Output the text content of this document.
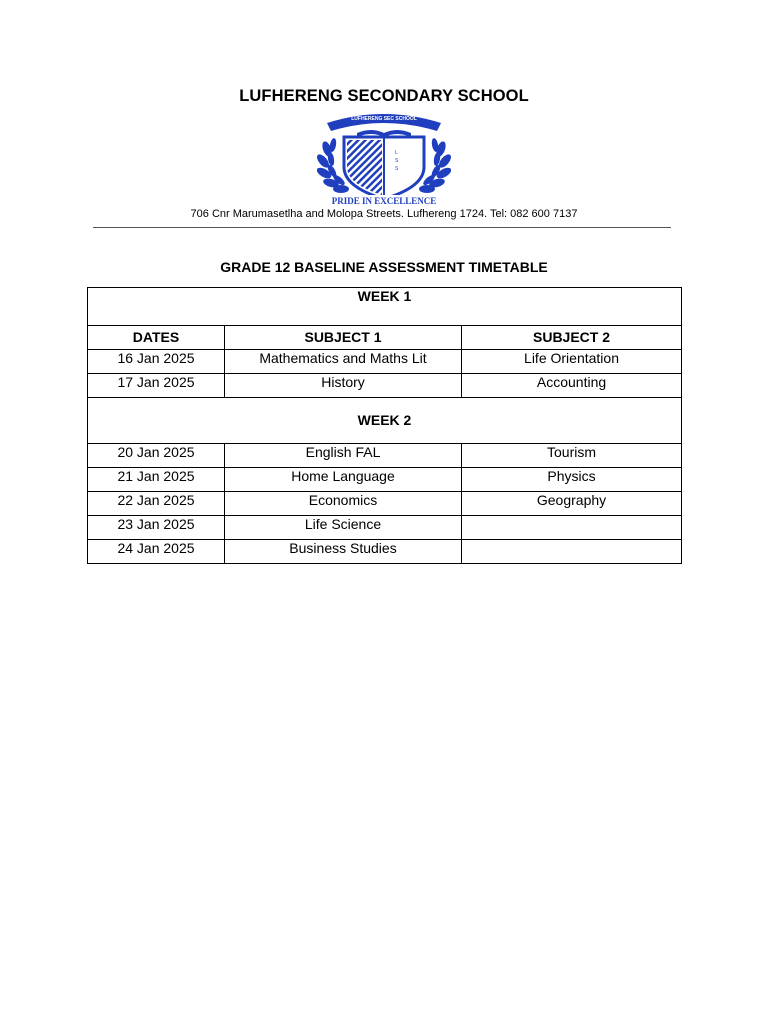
LUFHERENG SECONDARY SCHOOL
L
S
S
PRIDE IN EXCELLENCE
LUFHERENG SEC SCHOOL
706 Cnr Marumasetlha and Molopa Streets. Lufhereng 1724. Tel: 082 600 7137
GRADE 12 BASELINE ASSESSMENT TIMETABLE
WEEK 1		

DATES	SUBJECT 1	SUBJECT 2
16 Jan 2025	Mathematics and Maths Lit	Life Orientation
17 Jan 2025	History	Accounting
WEEK 2		
20 Jan 2025	English FAL	Tourism
21 Jan 2025	Home Language	Physics
22 Jan 2025	Economics	Geography
23 Jan 2025	Life Science	
24 Jan 2025	Business Studies	
